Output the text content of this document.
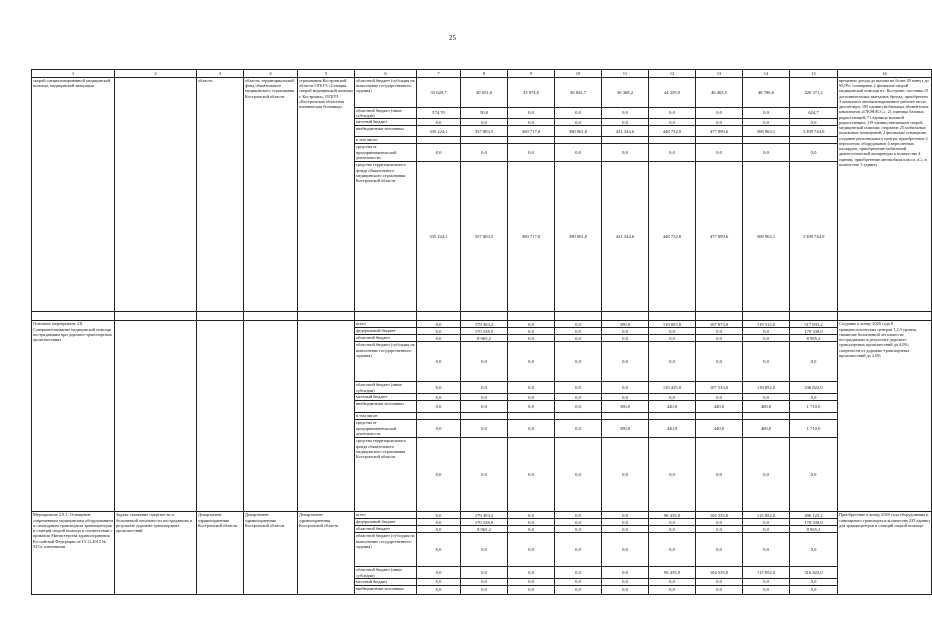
25
1	2	3	4	5	6	7	8	9	10	11	12	13	14	15	16
скорой специализированной медицинской помощи, медицинской эвакуации		области	области, территориальный фонд обязательного медицинского страхования Костромской области	страхования Костромской области ОГБУЗ «Станция скорой медицинской помощи г. Костромы», ОГБУЗ «Костромская областная клиническая больница»	областной бюджет (субсидия на выполнение государственного задания)	33 620,7	40 051,6	33 974,0	36 842,7	36 368,2	44 259,9	46 463,5	48 786,6	320 371,2	временем доезда до вызова не более 20 минут до 95,0%; оснащение 2 филиалов скорой медицинской помощи в г. Костроме; поставка 15 дополнительных выездных бригад; приобретено 3 комплекса автоматизированное рабочее место диспетчера; 195 единиц мобильных абонентских комплектов «ГЛОНАСС»; 21 единица базовых радиостанций; 71 единица возимой радиостанции; 119 единиц автомашин скорой медицинской помощи; открытие 25 мобильных поисковых помещений; 2 филиалам оснащение, создание регионального центра; приобретение 2 вертолетов; оборудование 4 вертолетных площадок; приобретение мобильной диагностической аппаратуры в количестве 4 единиц; приобретение автомобиля класса «С» в количестве 3 единиц
					областной бюджет (иные субсидии)	574,70	50,0	0,0	0,0	0,0	0,0	0,0	0,0	624,7	
					местный бюджет	0,0	0,0	0,0	0,0	0,0	0,0	0,0	0,0	0,0	
					внебюджетные источники	335 224,1	357 803,5	369 717,0	390 061,0	421 344,6	448 732,0	477 899,6	508 963,1	3 309 744,9	
					в том числе:										
					средства от предпринимательской деятельности	0,0	0,0	0,0	0,0	0,0	0,0	0,0	0,0	0,0	
					средства территориального фонда обязательного медицинского страхования Костромской области	335 224,1	357 803,5	369 717,0	390 061,0	421 344,6	448 732,0	477 899,6	508 963,1	3 309 744,9	

Основное мероприятие 2.8. Совершенствование медицинской помощи пострадавшим при дорожно-транспортных происшествиях					всего	0,0	179 303,2	0,0	0,0	390,0	110 855,0	107 973,0	119 312,0	517 833,2	Создание к концу 2020 года 8 травматологических центров 1,2,3 уровня; снижение больничной летальности пострадавших в результате дорожно-транспортных происшествий до 4,0%; смертности от дорожно-транспортных происшествий до 2,0%
					федеральный бюджет	0,0	170 338,0	0,0	0,0	0,0	0,0	0,0	0,0	170 338,0	
					областной бюджет	0,0	8 965,2	0,0	0,0	0,0	0,0	0,0	0,0	8 965,2	
					областной бюджет (субсидия на выполнение государственного задания)	0,0	0,0	0,0	0,0	0,0	0,0	0,0	0,0	0,0	
					областной бюджет (иные субсидии)	0,0	0,0	0,0	0,0	0,0	110 435,0	107 533,0	118 852,0	336 822,0	
					местный бюджет	0,0	0,0	0,0	0,0	0,0	0,0	0,0	0,0	0,0	
					внебюджетные источники	0,0	0,0	0,0	0,0	390,0	420,0	440,0	460,0	1 710,0	
					в том числе:										
					средства от предпринимательской деятельности	0,0	0,0	0,0	0,0	390,0	420,0	440,0	460,0	1 710,0	
					средства территориального фонда обязательного медицинского страхования Костромской области	0,0	0,0	0,0	0,0	0,0	0,0	0,0	0,0	0,0	
Мероприятие 2.8.1. Оснащение современным медицинским оборудованием и санитарным транспортом травмоцентров и станций скорой помощи в соответствии с приказом Министерства здравоохранения Российской Федерации от 15.11.2012 № 927н, ключевыми	Задача: снижение смертности и больничной летальности пострадавших в результате дорожно-транспортных происшествий	Департамент здравоохранения Костромской области	Департамент здравоохранения Костромской области	Департамент здравоохранения Костромской области	всего	0,0	179 303,2	0,0	0,0	0,0	96 435,0	104 535,0	115 852,0	496 125,2	Приобретение к концу 2020 года оборудования и санитарного транспорта в количестве 235 единиц для травмоцентров и станций скорой помощи
					федеральный бюджет	0,0	170 338,0	0,0	0,0	0,0	0,0	0,0	0,0	170 338,0	
					областной бюджет	0,0	8 965,2	0,0	0,0	0,0	0,0	0,0	0,0	8 965,2	
					областной бюджет (субсидия на выполнение государственного задания)	0,0	0,0	0,0	0,0	0,0	0,0	0,0	0,0	0,0	
					областной бюджет (иные субсидии)	0,0	0,0	0,0	0,0	0,0	96 435,0	104 535,0	115 852,0	316 822,0	
					местный бюджет	0,0	0,0	0,0	0,0	0,0	0,0	0,0	0,0	0,0	
					внебюджетные источники	0,0	0,0	0,0	0,0	0,0	0,0	0,0	0,0	0,0	
